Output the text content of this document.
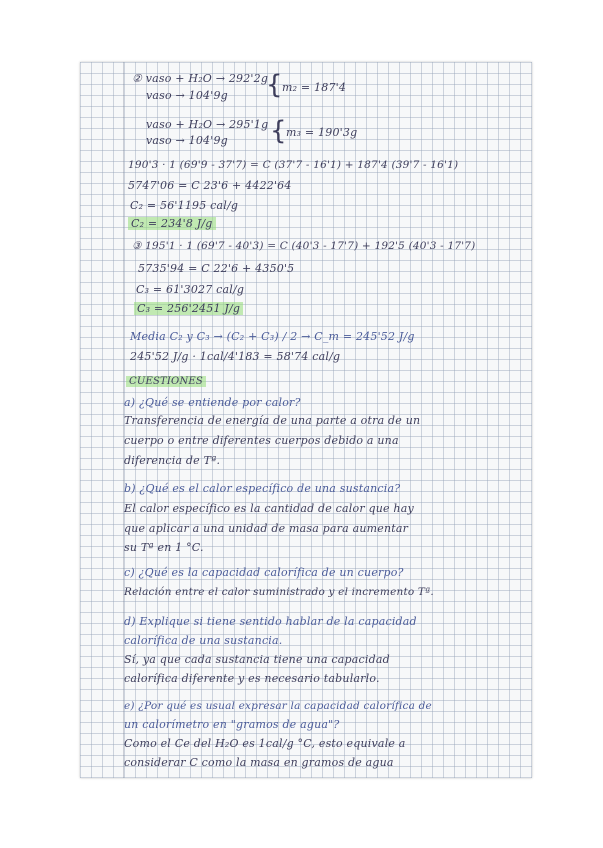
② vaso + H₂O → 292'2g
vaso → 104'9g { m₂ = 187'4
vaso + H₂O → 295'1g
vaso → 104'9g { m₃ = 190'3g
190'3 · 1 (69'9 - 37'7) = C (37'7 - 16'1) + 187'4 (39'7 - 16'1)
5747'06 = C 23'6 + 4422'64
C₂ = 56'1195 cal/g
C₂ = 234'8 J/g
③ 195'1 · 1 (69'7 - 40'3) = C (40'3 - 17'7) + 192'5 (40'3 - 17'7)
5735'94 = C 22'6 + 4350'5
C₃ = 61'3027 cal/g
C₃ = 256'2451 J/g
Media C₂ y C₃ → (C₂ + C₃) / 2 → C_m = 245'52 J/g
245'52 J/g · 1cal/4'183 = 58'74 cal/g
CUESTIONES
a) ¿Qué se entiende por calor?
Transferencia de energía de una parte a otra de un
cuerpo o entre diferentes cuerpos debido a una
diferencia de Tª.
b) ¿Qué es el calor específico de una sustancia?
El calor específico es la cantidad de calor que hay
que aplicar a una unidad de masa para aumentar
su Tª en 1 °C.
c) ¿Qué es la capacidad calorífica de un cuerpo?
Relación entre el calor suministrado y el incremento Tª.
d) Explique si tiene sentido hablar de la capacidad
calorífica de una sustancia.
Sí, ya que cada sustancia tiene una capacidad
calorífica diferente y es necesario tabularlo.
e) ¿Por qué es usual expresar la capacidad calorífica de
un calorímetro en "gramos de agua"?
Como el Ce del H₂O es 1cal/g °C, esto equivale a
considerar C como la masa en gramos de agua
